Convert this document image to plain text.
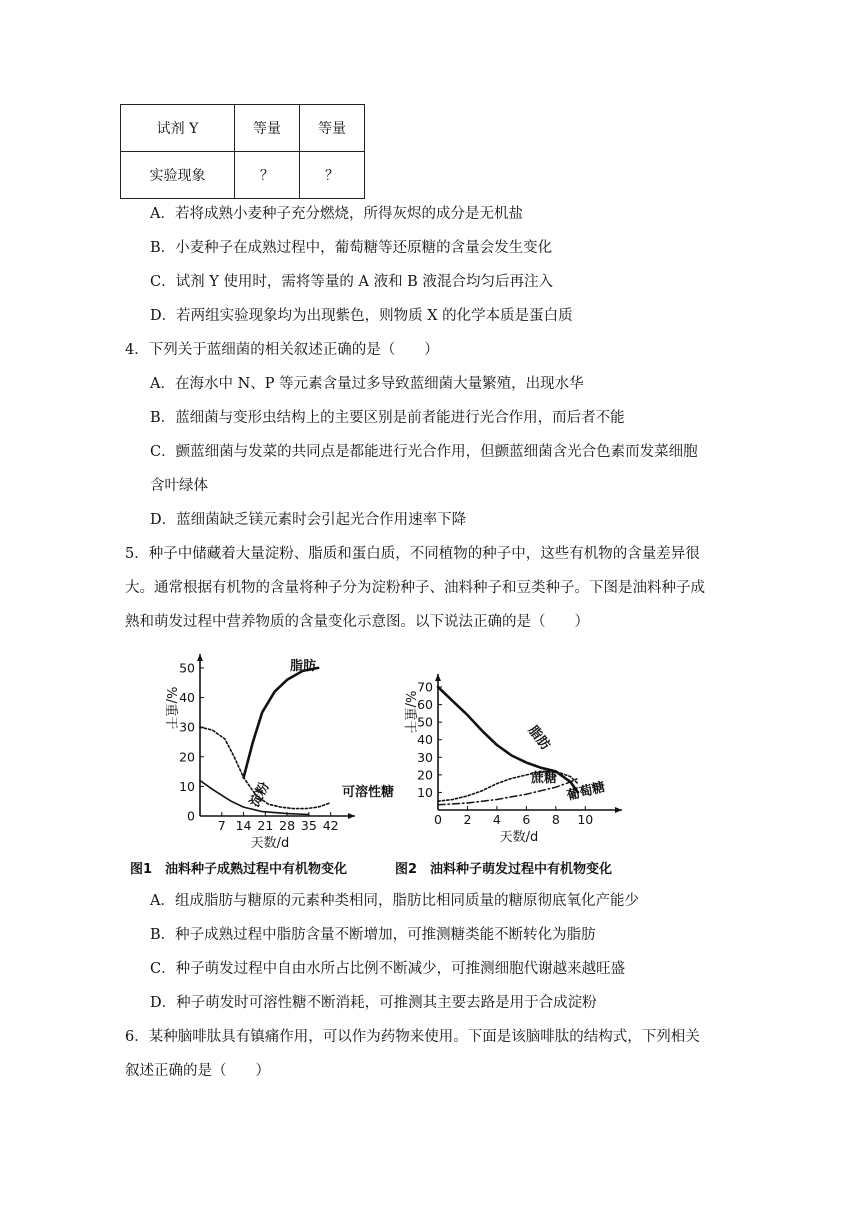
试剂 Y	等量	等量
实验现象	？	？
A．若将成熟小麦种子充分燃烧，所得灰烬的成分是无机盐
B．小麦种子在成熟过程中，葡萄糖等还原糖的含量会发生变化
C．试剂 Y 使用时，需将等量的 A 液和 B 液混合均匀后再注入
D．若两组实验现象均为出现紫色，则物质 X 的化学本质是蛋白质
4．下列关于蓝细菌的相关叙述正确的是（　　）
A．在海水中 N、P 等元素含量过多导致蓝细菌大量繁殖，出现水华
B．蓝细菌与变形虫结构上的主要区别是前者能进行光合作用，而后者不能
C．颤蓝细菌与发菜的共同点是都能进行光合作用，但颤蓝细菌含光合色素而发菜细胞
含叶绿体
D．蓝细菌缺乏镁元素时会引起光合作用速率下降
5．种子中储藏着大量淀粉、脂质和蛋白质，不同植物的种子中，这些有机物的含量差异很
大。通常根据有机物的含量将种子分为淀粉种子、油料种子和豆类种子。下图是油料种子成
熟和萌发过程中营养物质的含量变化示意图。以下说法正确的是（　　）
7 14 21 28 35 42
0
10
20
30
40
50
天数/d
%/重干
脂肪
可溶性糖
淀粉
0 2 4 6 8 10
10
20
30
40
50
60
70
天数/d
%/重干
脂肪
蔗糖
葡萄糖
图1　油料种子成熟过程中有机物变化	图2　油料种子萌发过程中有机物变化
A．组成脂肪与糖原的元素种类相同，脂肪比相同质量的糖原彻底氧化产能少
B．种子成熟过程中脂肪含量不断增加，可推测糖类能不断转化为脂肪
C．种子萌发过程中自由水所占比例不断减少，可推测细胞代谢越来越旺盛
D．种子萌发时可溶性糖不断消耗，可推测其主要去路是用于合成淀粉
6．某种脑啡肽具有镇痛作用，可以作为药物来使用。下面是该脑啡肽的结构式，下列相关
叙述正确的是（　　）
